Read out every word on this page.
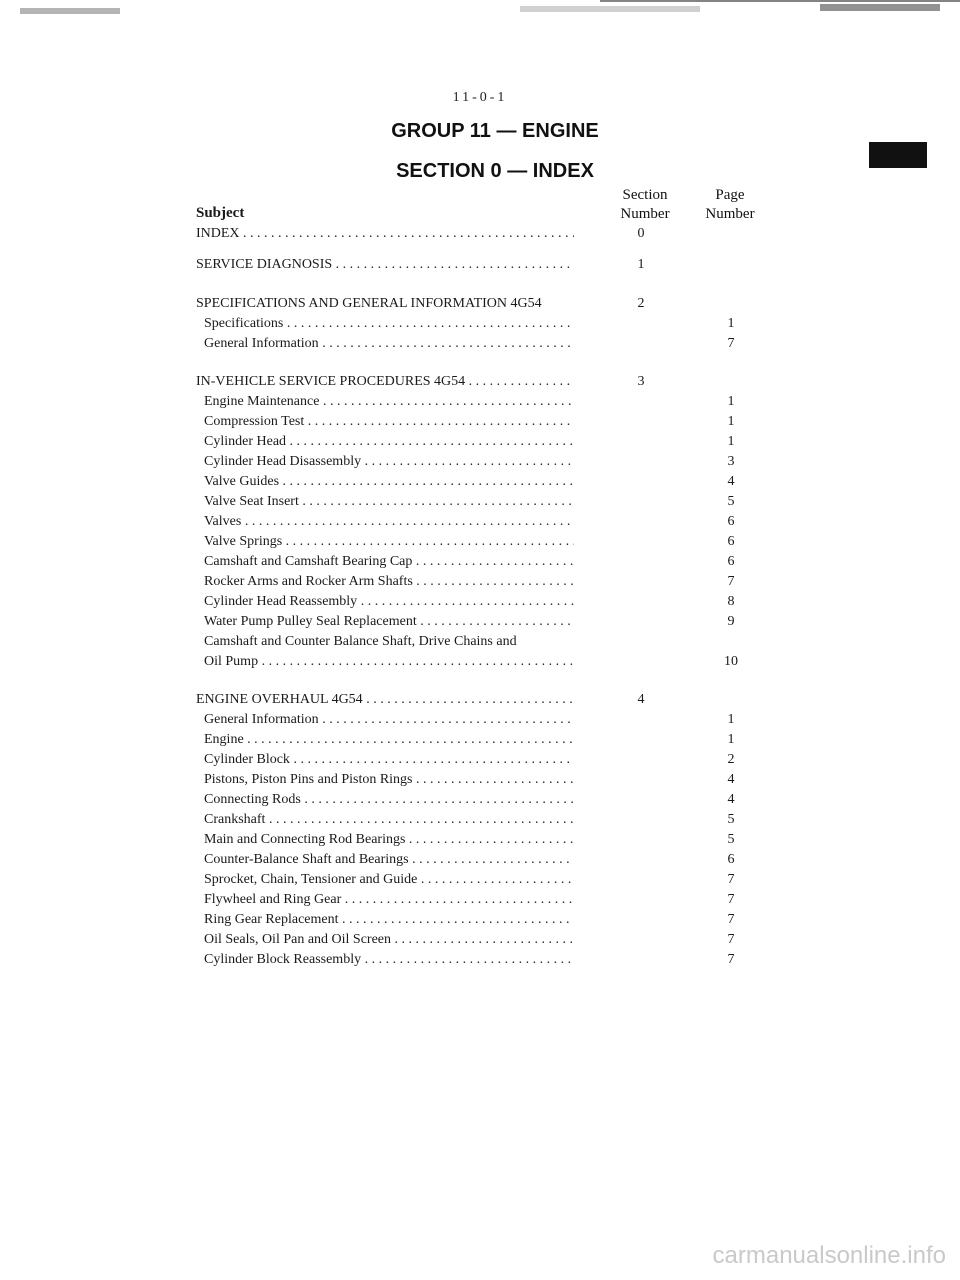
11-0-1
GROUP 11 — ENGINE
SECTION 0 — INDEX
Section
Number
Page
Number
Subject
INDEX . . .	0
SERVICE DIAGNOSIS . . .	1
SPECIFICATIONS AND GENERAL INFORMATION 4G54	2
Specifications . . .	1
General Information . . .	7
IN-VEHICLE SERVICE PROCEDURES 4G54 . . .	3
Engine Maintenance . . .	1
Compression Test . . .	1
Cylinder Head . . .	1
Cylinder Head Disassembly . . .	3
Valve Guides . . .	4
Valve Seat Insert . . .	5
Valves . . .	6
Valve Springs . . .	6
Camshaft and Camshaft Bearing Cap . . .	6
Rocker Arms and Rocker Arm Shafts . . .	7
Cylinder Head Reassembly . . .	8
Water Pump Pulley Seal Replacement . . .	9
Camshaft and Counter Balance Shaft, Drive Chains and
Oil Pump . . .	10
ENGINE OVERHAUL 4G54 . . .	4
General Information . . .	1
Engine . . .	1
Cylinder Block . . .	2
Pistons, Piston Pins and Piston Rings . . .	4
Connecting Rods . . .	4
Crankshaft . . .	5
Main and Connecting Rod Bearings . . .	5
Counter-Balance Shaft and Bearings . . .	6
Sprocket, Chain, Tensioner and Guide . . .	7
Flywheel and Ring Gear . . .	7
Ring Gear Replacement . . .	7
Oil Seals, Oil Pan and Oil Screen . . .	7
Cylinder Block Reassembly . . .	7
carmanualsonline.info
